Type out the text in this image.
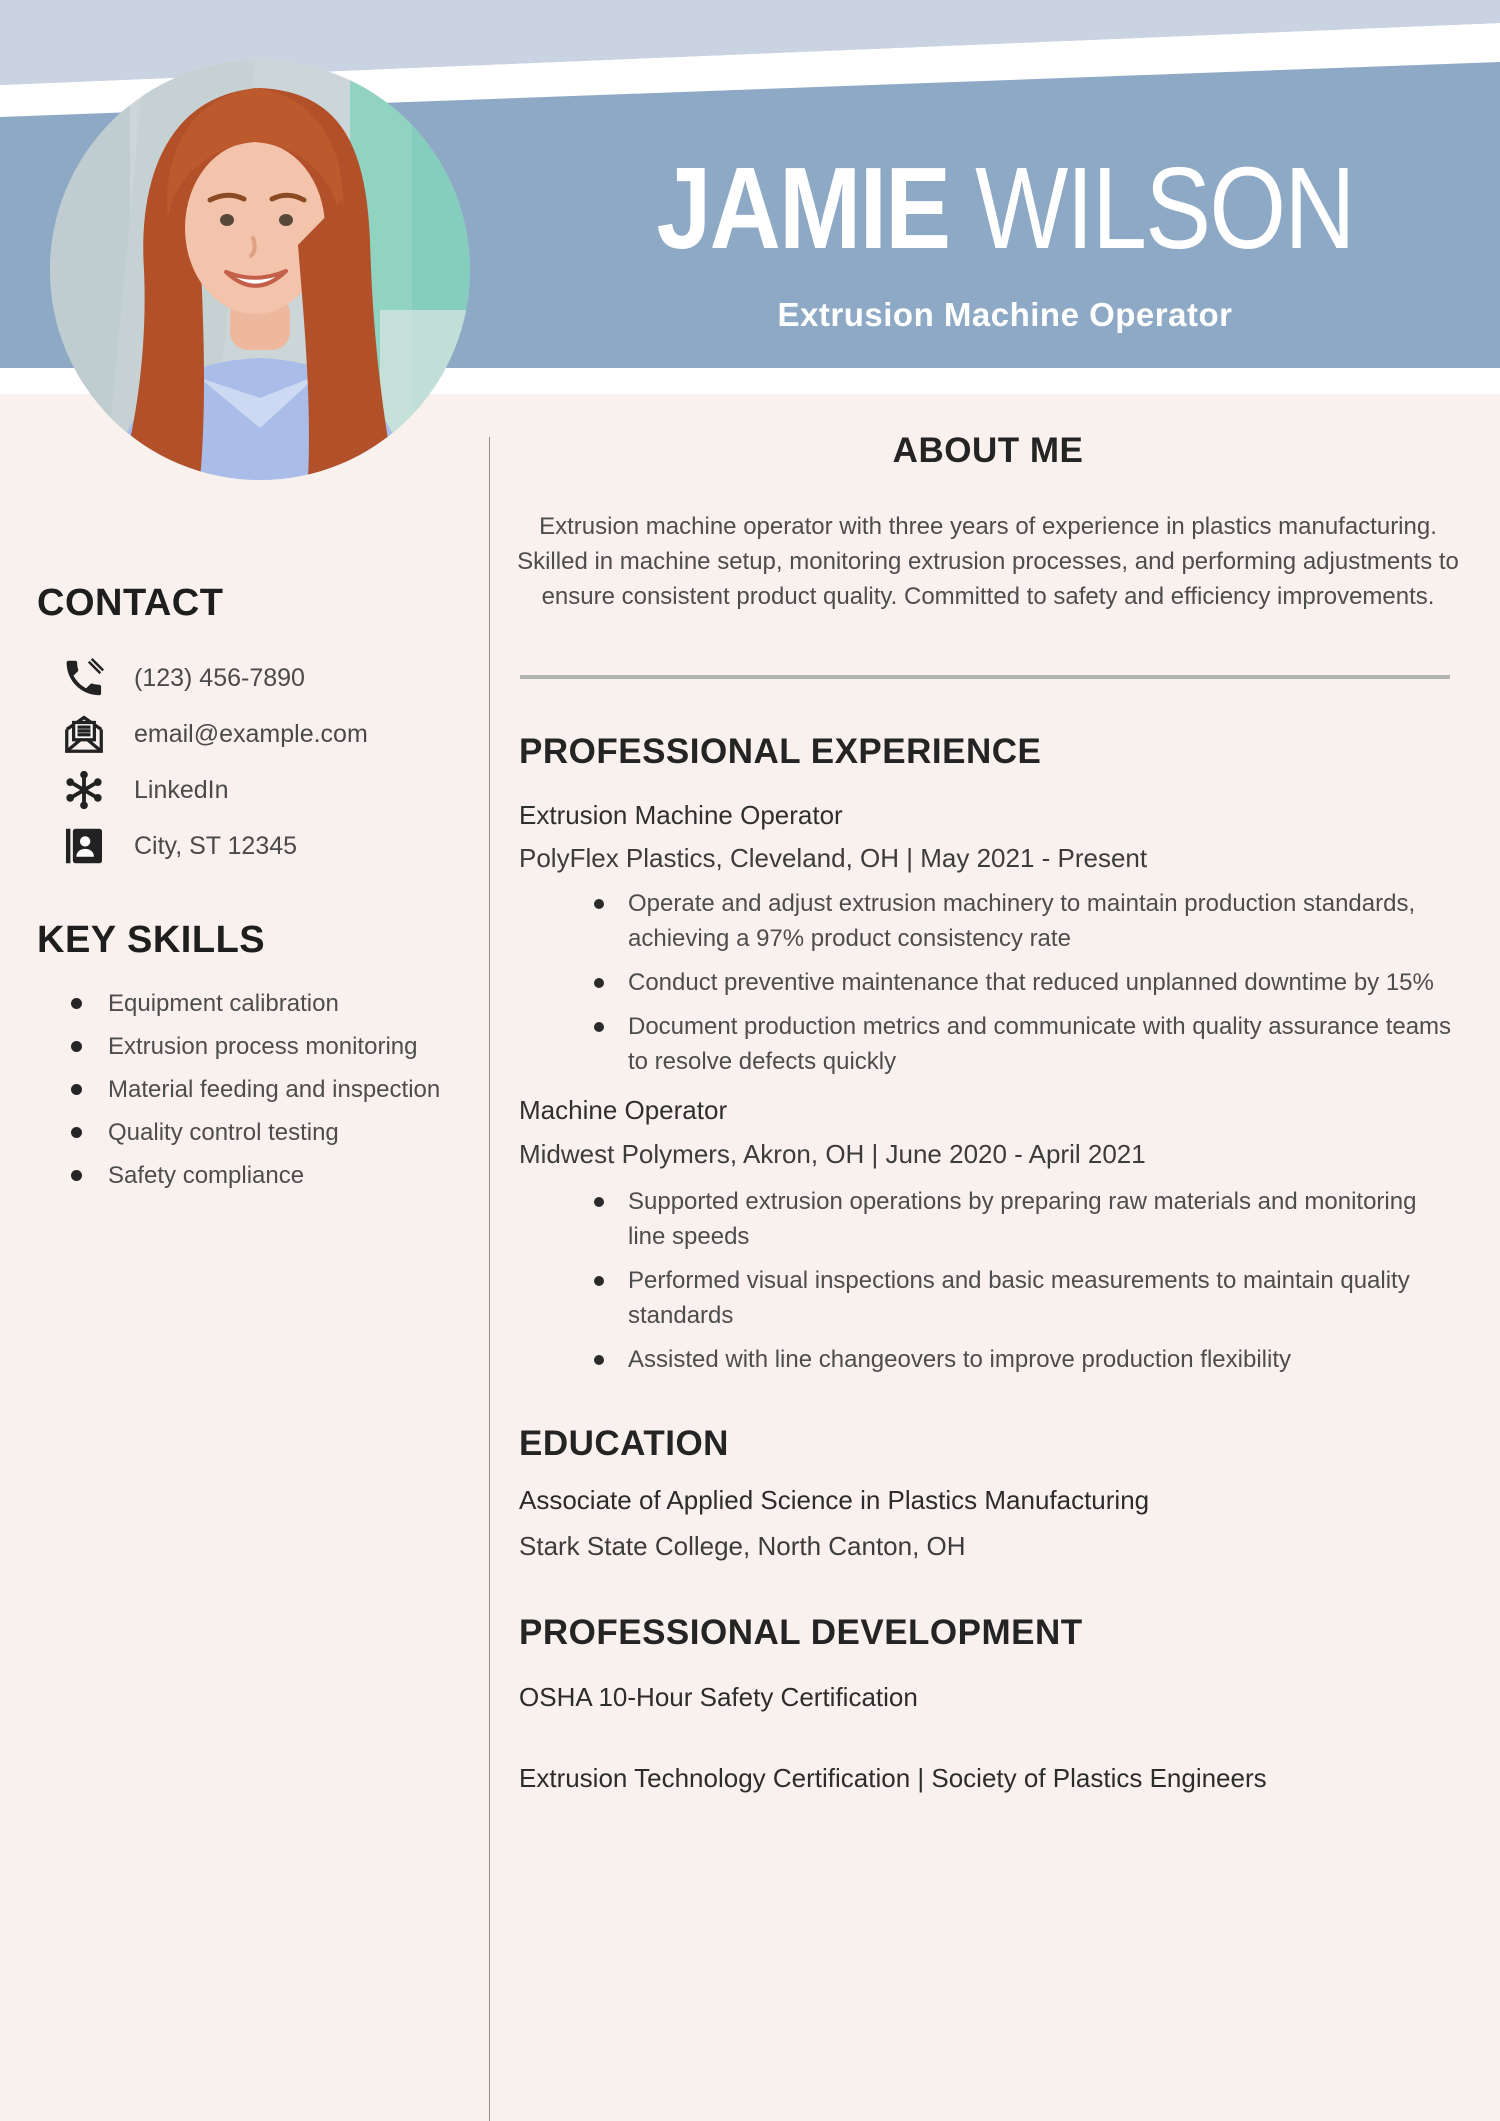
JAMIE WILSON
Extrusion Machine Operator
CONTACT
(123) 456-7890
email@example.com
LinkedIn
City, ST 12345
KEY SKILLS
Equipment calibration
Extrusion process monitoring
Material feeding and inspection
Quality control testing
Safety compliance
ABOUT ME
Extrusion machine operator with three years of experience in plastics manufacturing. Skilled in machine setup, monitoring extrusion processes, and performing adjustments to ensure consistent product quality. Committed to safety and efficiency improvements.
PROFESSIONAL EXPERIENCE
Extrusion Machine Operator
PolyFlex Plastics, Cleveland, OH | May 2021 - Present
Operate and adjust extrusion machinery to maintain production standards, achieving a 97% product consistency rate
Conduct preventive maintenance that reduced unplanned downtime by 15%
Document production metrics and communicate with quality assurance teams to resolve defects quickly
Machine Operator
Midwest Polymers, Akron, OH | June 2020 - April 2021
Supported extrusion operations by preparing raw materials and monitoring line speeds
Performed visual inspections and basic measurements to maintain quality standards
Assisted with line changeovers to improve production flexibility
EDUCATION
Associate of Applied Science in Plastics Manufacturing
Stark State College, North Canton, OH
PROFESSIONAL DEVELOPMENT
OSHA 10-Hour Safety Certification
Extrusion Technology Certification | Society of Plastics Engineers
